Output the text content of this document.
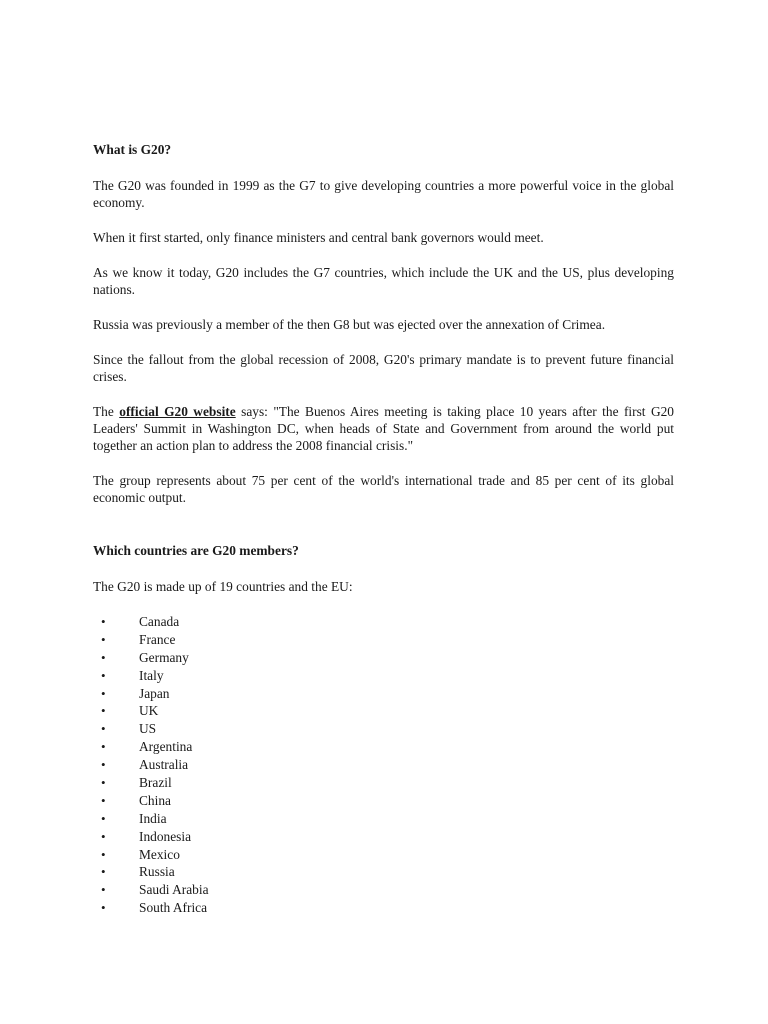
What is G20?

The G20 was founded in 1999 as the G7 to give developing countries a more powerful voice in the global economy.

When it first started, only finance ministers and central bank governors would meet.

As we know it today, G20 includes the G7 countries, which include the UK and the US, plus developing nations.

Russia was previously a member of the then G8 but was ejected over the annexation of Crimea.

Since the fallout from the global recession of 2008, G20's primary mandate is to prevent future financial crises.

The official G20 website says: "The Buenos Aires meeting is taking place 10 years after the first G20 Leaders' Summit in Washington DC, when heads of State and Government from around the world put together an action plan to address the 2008 financial crisis."

The group represents about 75 per cent of the world's international trade and 85 per cent of its global economic output.

Which countries are G20 members?

The G20 is made up of 19 countries and the EU:

• Canada
• France
• Germany
• Italy
• Japan
• UK
• US
• Argentina
• Australia
• Brazil
• China
• India
• Indonesia
• Mexico
• Russia
• Saudi Arabia
• South Africa
